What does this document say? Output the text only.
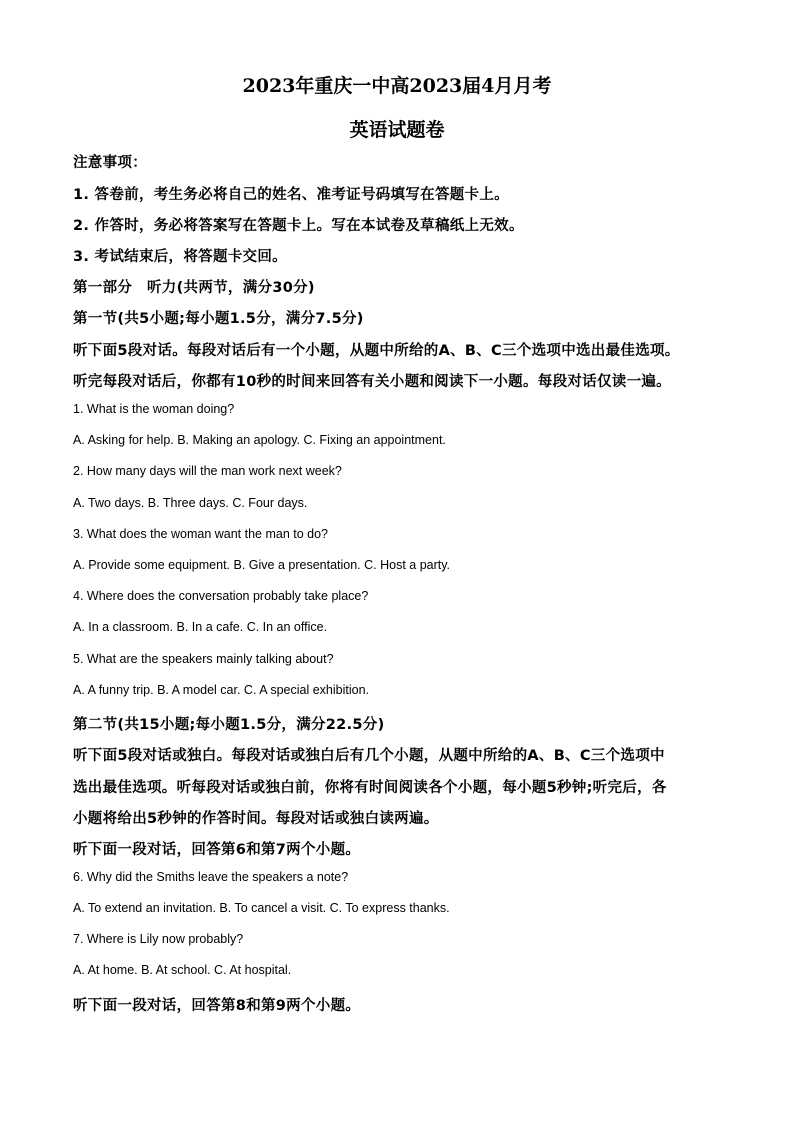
2023年重庆一中高2023届4月月考
英语试题卷
注意事项：
1. 答卷前，考生务必将自己的姓名、准考证号码填写在答题卡上。
2. 作答时，务必将答案写在答题卡上。写在本试卷及草稿纸上无效。
3. 考试结束后，将答题卡交回。
第一部分　听力(共两节，满分30分)
第一节(共5小题;每小题1.5分，满分7.5分)
听下面5段对话。每段对话后有一个小题，从题中所给的A、B、C三个选项中选出最佳选项。
听完每段对话后，你都有10秒的时间来回答有关小题和阅读下一小题。每段对话仅读一遍。
1. What is the woman doing?
A. Asking for help. B. Making an apology. C. Fixing an appointment.
2. How many days will the man work next week?
A. Two days. B. Three days. C. Four days.
3. What does the woman want the man to do?
A. Provide some equipment. B. Give a presentation. C. Host a party.
4. Where does the conversation probably take place?
A. In a classroom. B. In a cafe. C. In an office.
5. What are the speakers mainly talking about?
A. A funny trip. B. A model car. C. A special exhibition.
第二节(共15小题;每小题1.5分，满分22.5分)
听下面5段对话或独白。每段对话或独白后有几个小题，从题中所给的A、B、C三个选项中
选出最佳选项。听每段对话或独白前，你将有时间阅读各个小题，每小题5秒钟;听完后，各
小题将给出5秒钟的作答时间。每段对话或独白读两遍。
听下面一段对话，回答第6和第7两个小题。
6. Why did the Smiths leave the speakers a note?
A. To extend an invitation. B. To cancel a visit. C. To express thanks.
7. Where is Lily now probably?
A. At home. B. At school. C. At hospital.
听下面一段对话，回答第8和第9两个小题。
